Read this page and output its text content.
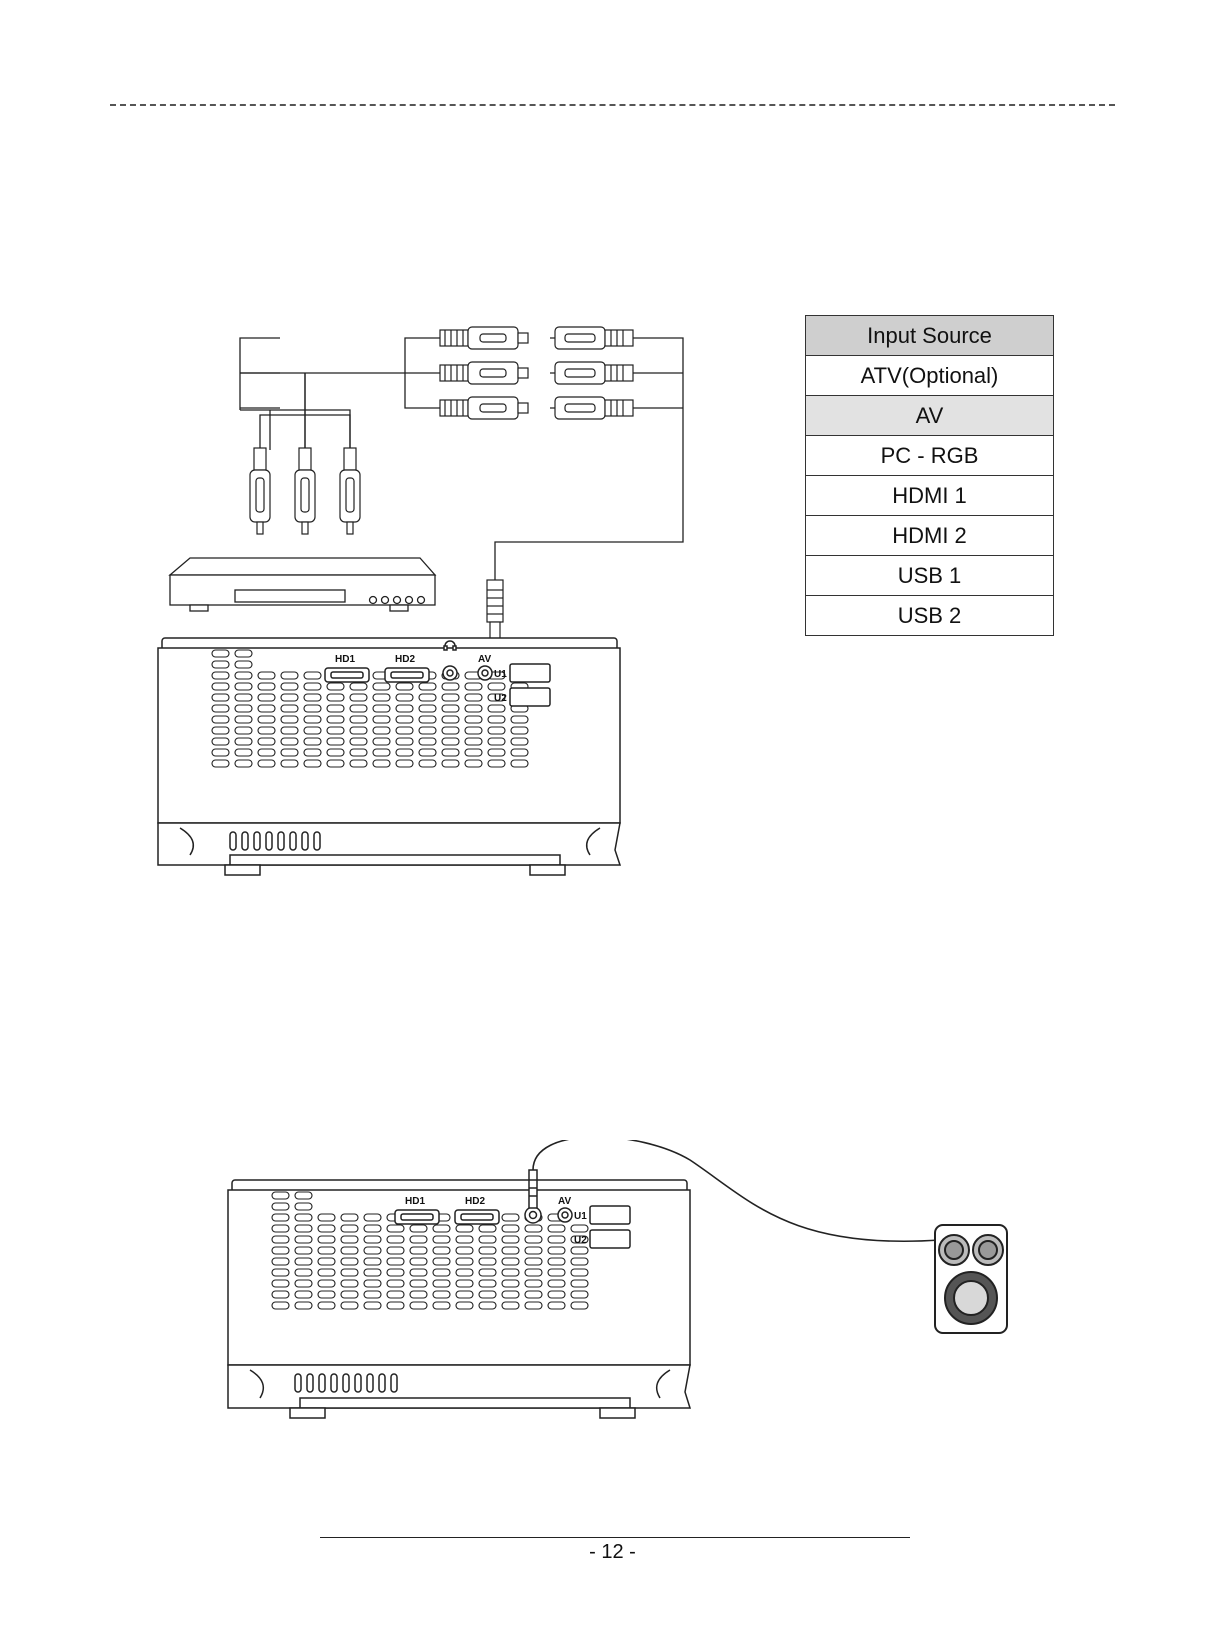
HD1	HD2	AV
U1
U2
Input Source
ATV(Optional)
AV
PC - RGB
HDMI 1
HDMI 2
USB 1
USB 2
HD1	HD2	AV
U1
U2
- 12 -
